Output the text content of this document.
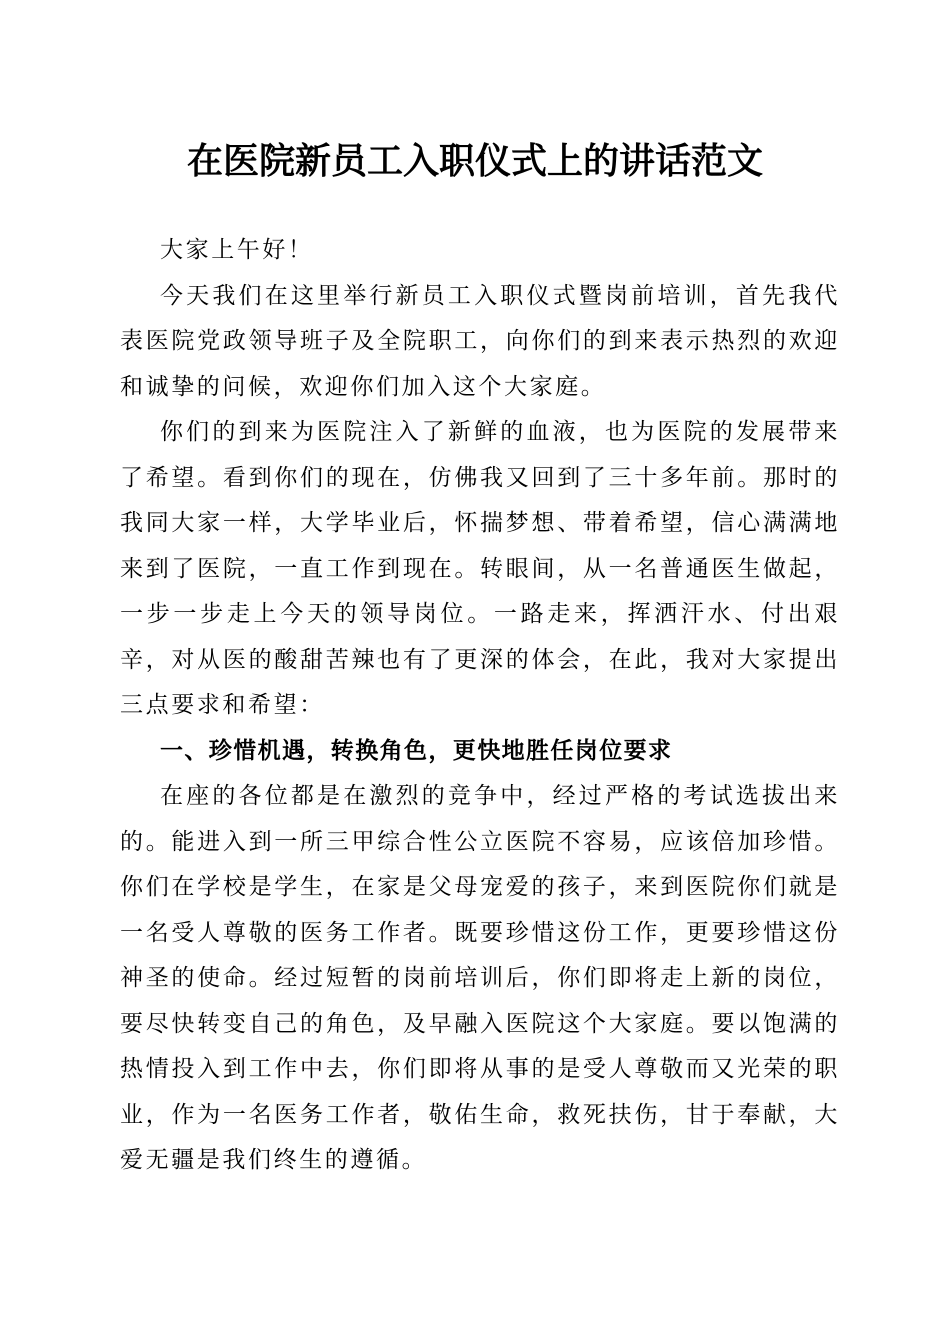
在医院新员工入职仪式上的讲话范文

大家上午好！

今天我们在这里举行新员工入职仪式暨岗前培训，首先我代表医院党政领导班子及全院职工，向你们的到来表示热烈的欢迎和诚挚的问候，欢迎你们加入这个大家庭。

你们的到来为医院注入了新鲜的血液，也为医院的发展带来了希望。看到你们的现在，仿佛我又回到了三十多年前。那时的我同大家一样，大学毕业后，怀揣梦想、带着希望，信心满满地来到了医院，一直工作到现在。转眼间，从一名普通医生做起，一步一步走上今天的领导岗位。一路走来，挥洒汗水、付出艰辛，对从医的酸甜苦辣也有了更深的体会，在此，我对大家提出三点要求和希望：

一、珍惜机遇，转换角色，更快地胜任岗位要求

在座的各位都是在激烈的竞争中，经过严格的考试选拔出来的。能进入到一所三甲综合性公立医院不容易，应该倍加珍惜。你们在学校是学生，在家是父母宠爱的孩子，来到医院你们就是一名受人尊敬的医务工作者。既要珍惜这份工作，更要珍惜这份神圣的使命。经过短暂的岗前培训后，你们即将走上新的岗位，要尽快转变自己的角色，及早融入医院这个大家庭。要以饱满的热情投入到工作中去，你们即将从事的是受人尊敬而又光荣的职业，作为一名医务工作者，敬佑生命，救死扶伤，甘于奉献，大爱无疆是我们终生的遵循。
